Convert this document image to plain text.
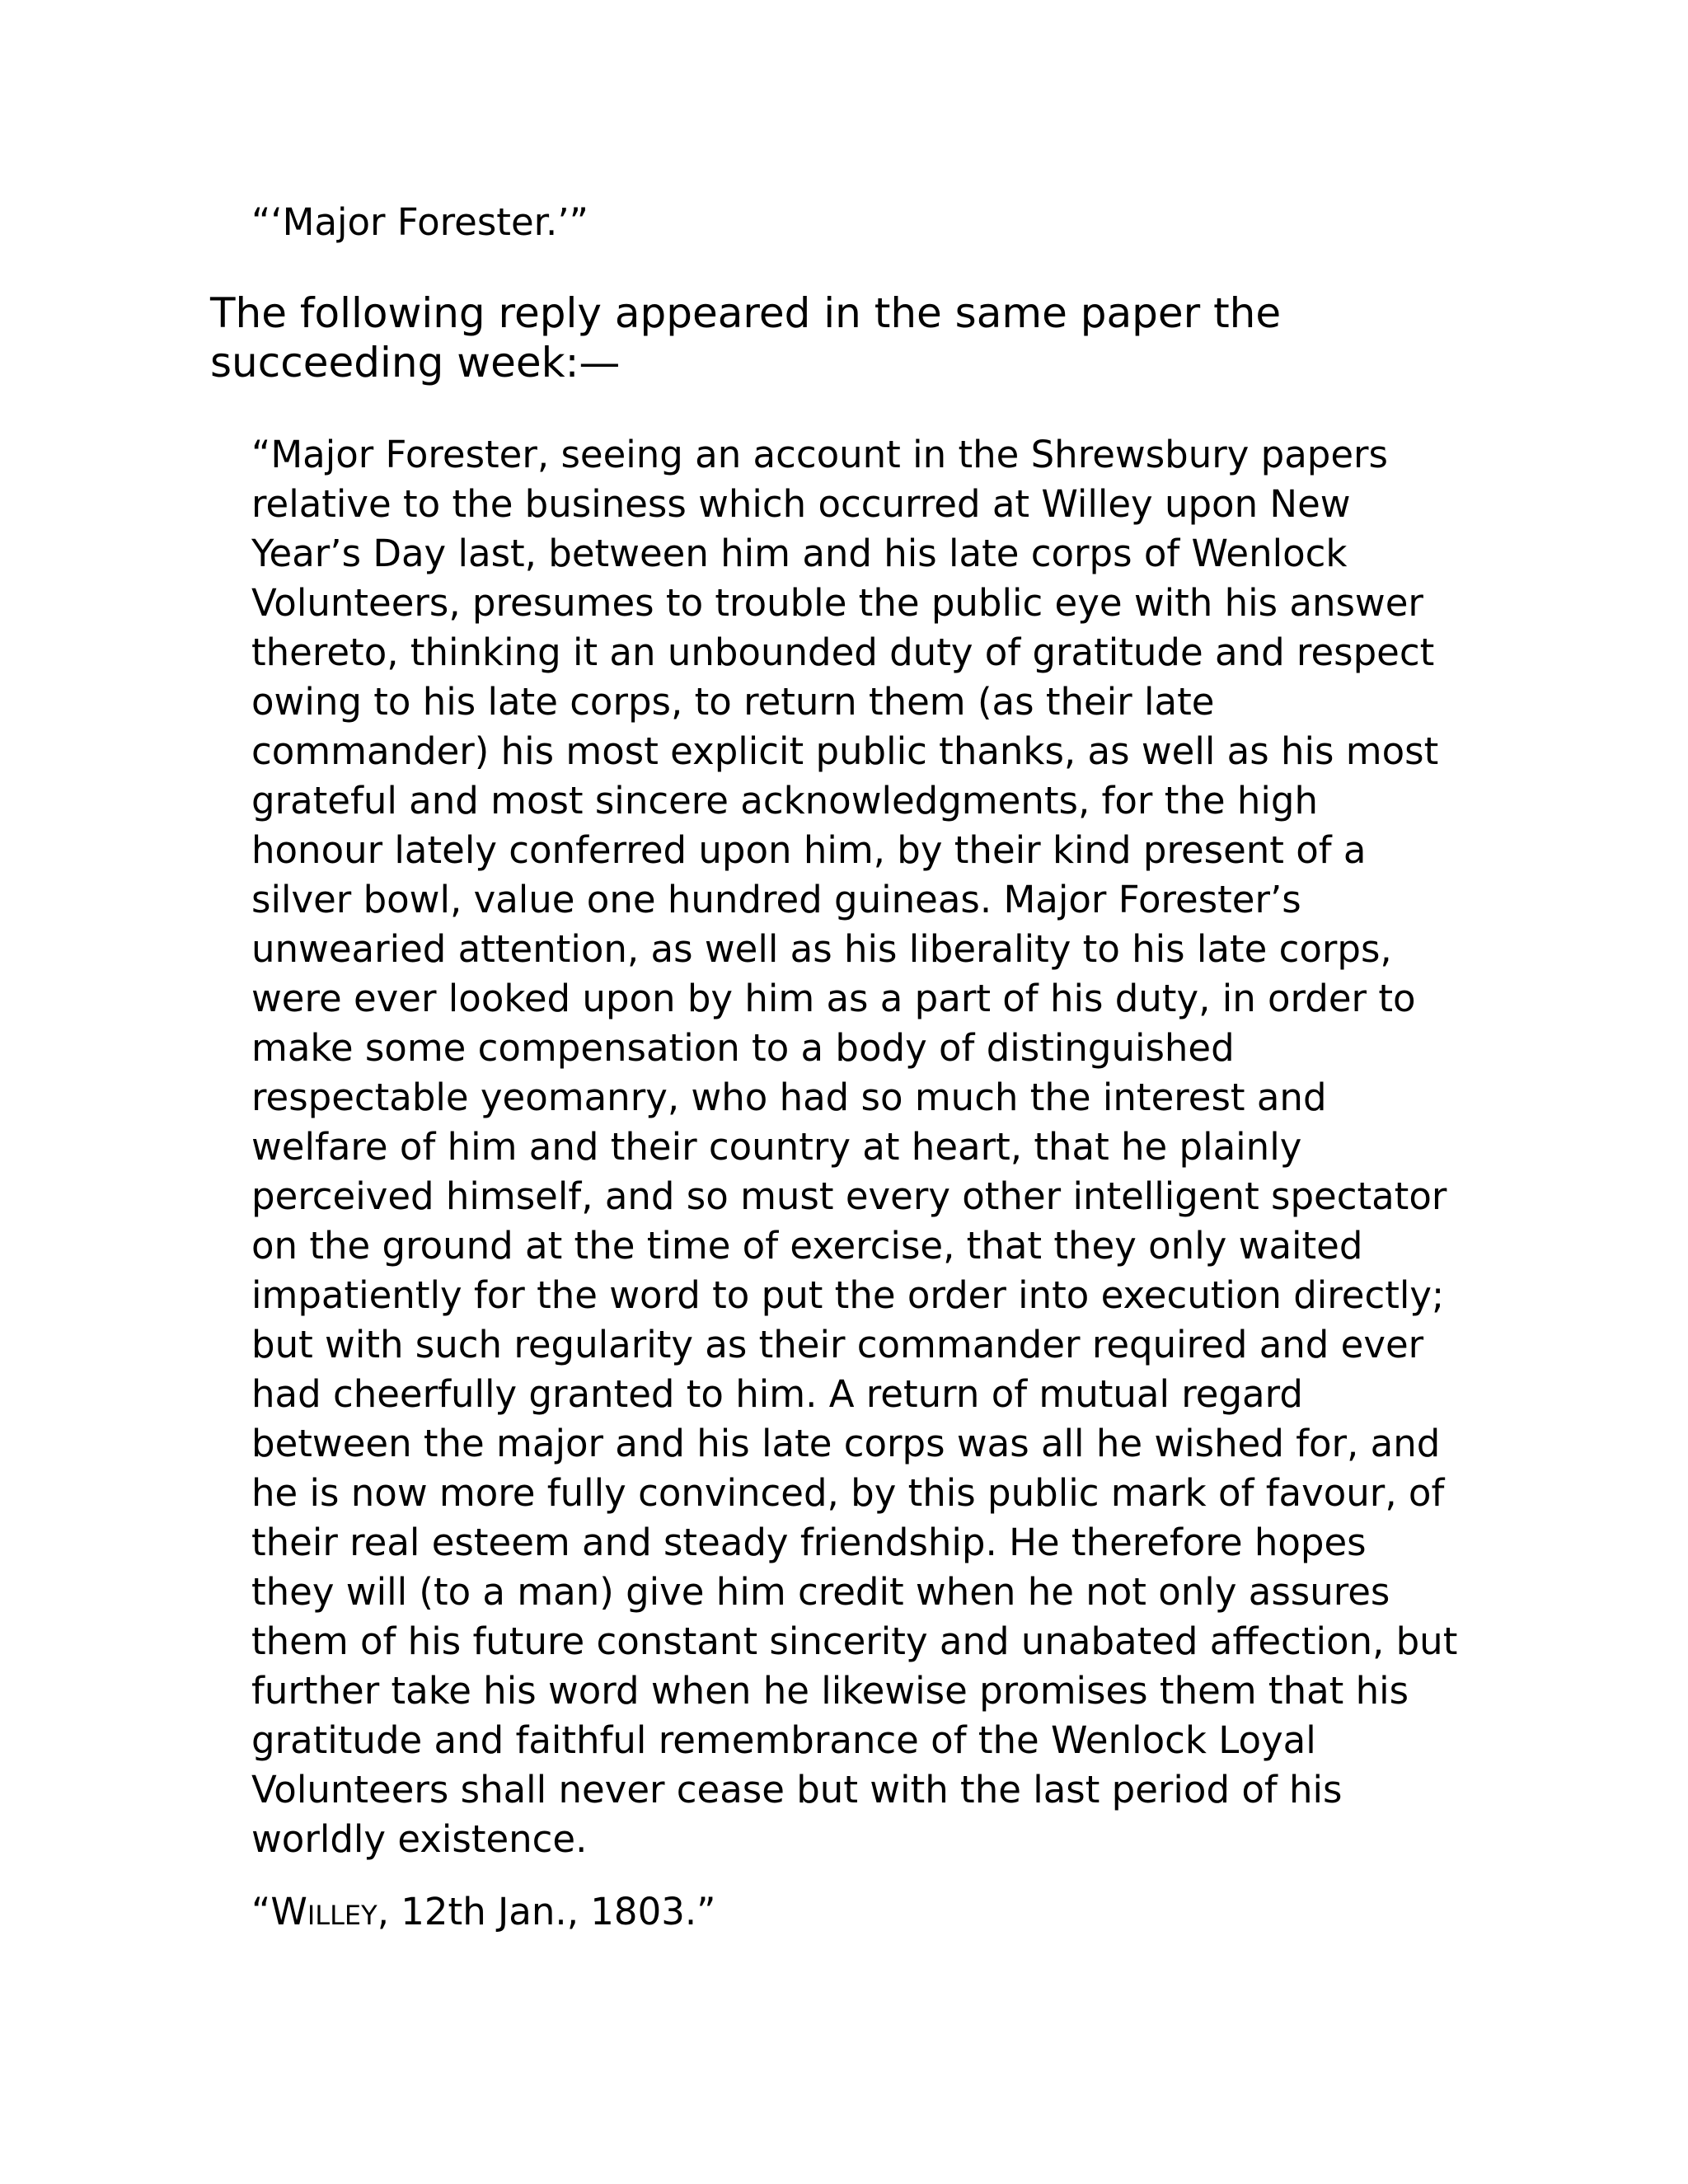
“‘Major Forester.’”

The following reply appeared in the same paper the succeeding week:—

“Major Forester, seeing an account in the Shrewsbury papers
relative to the business which occurred at Willey upon New
Year’s Day last, between him and his late corps of Wenlock
Volunteers, presumes to trouble the public eye with his answer
thereto, thinking it an unbounded duty of gratitude and respect
owing to his late corps, to return them (as their late
commander) his most explicit public thanks, as well as his most
grateful and most sincere acknowledgments, for the high
honour lately conferred upon him, by their kind present of a
silver bowl, value one hundred guineas. Major Forester’s
unwearied attention, as well as his liberality to his late corps,
were ever looked upon by him as a part of his duty, in order to
make some compensation to a body of distinguished
respectable yeomanry, who had so much the interest and
welfare of him and their country at heart, that he plainly
perceived himself, and so must every other intelligent spectator
on the ground at the time of exercise, that they only waited
impatiently for the word to put the order into execution directly;
but with such regularity as their commander required and ever
had cheerfully granted to him. A return of mutual regard
between the major and his late corps was all he wished for, and
he is now more fully convinced, by this public mark of favour, of
their real esteem and steady friendship. He therefore hopes
they will (to a man) give him credit when he not only assures
them of his future constant sincerity and unabated affection, but
further take his word when he likewise promises them that his
gratitude and faithful remembrance of the Wenlock Loyal
Volunteers shall never cease but with the last period of his
worldly existence.
“Willey, 12th Jan., 1803.”
